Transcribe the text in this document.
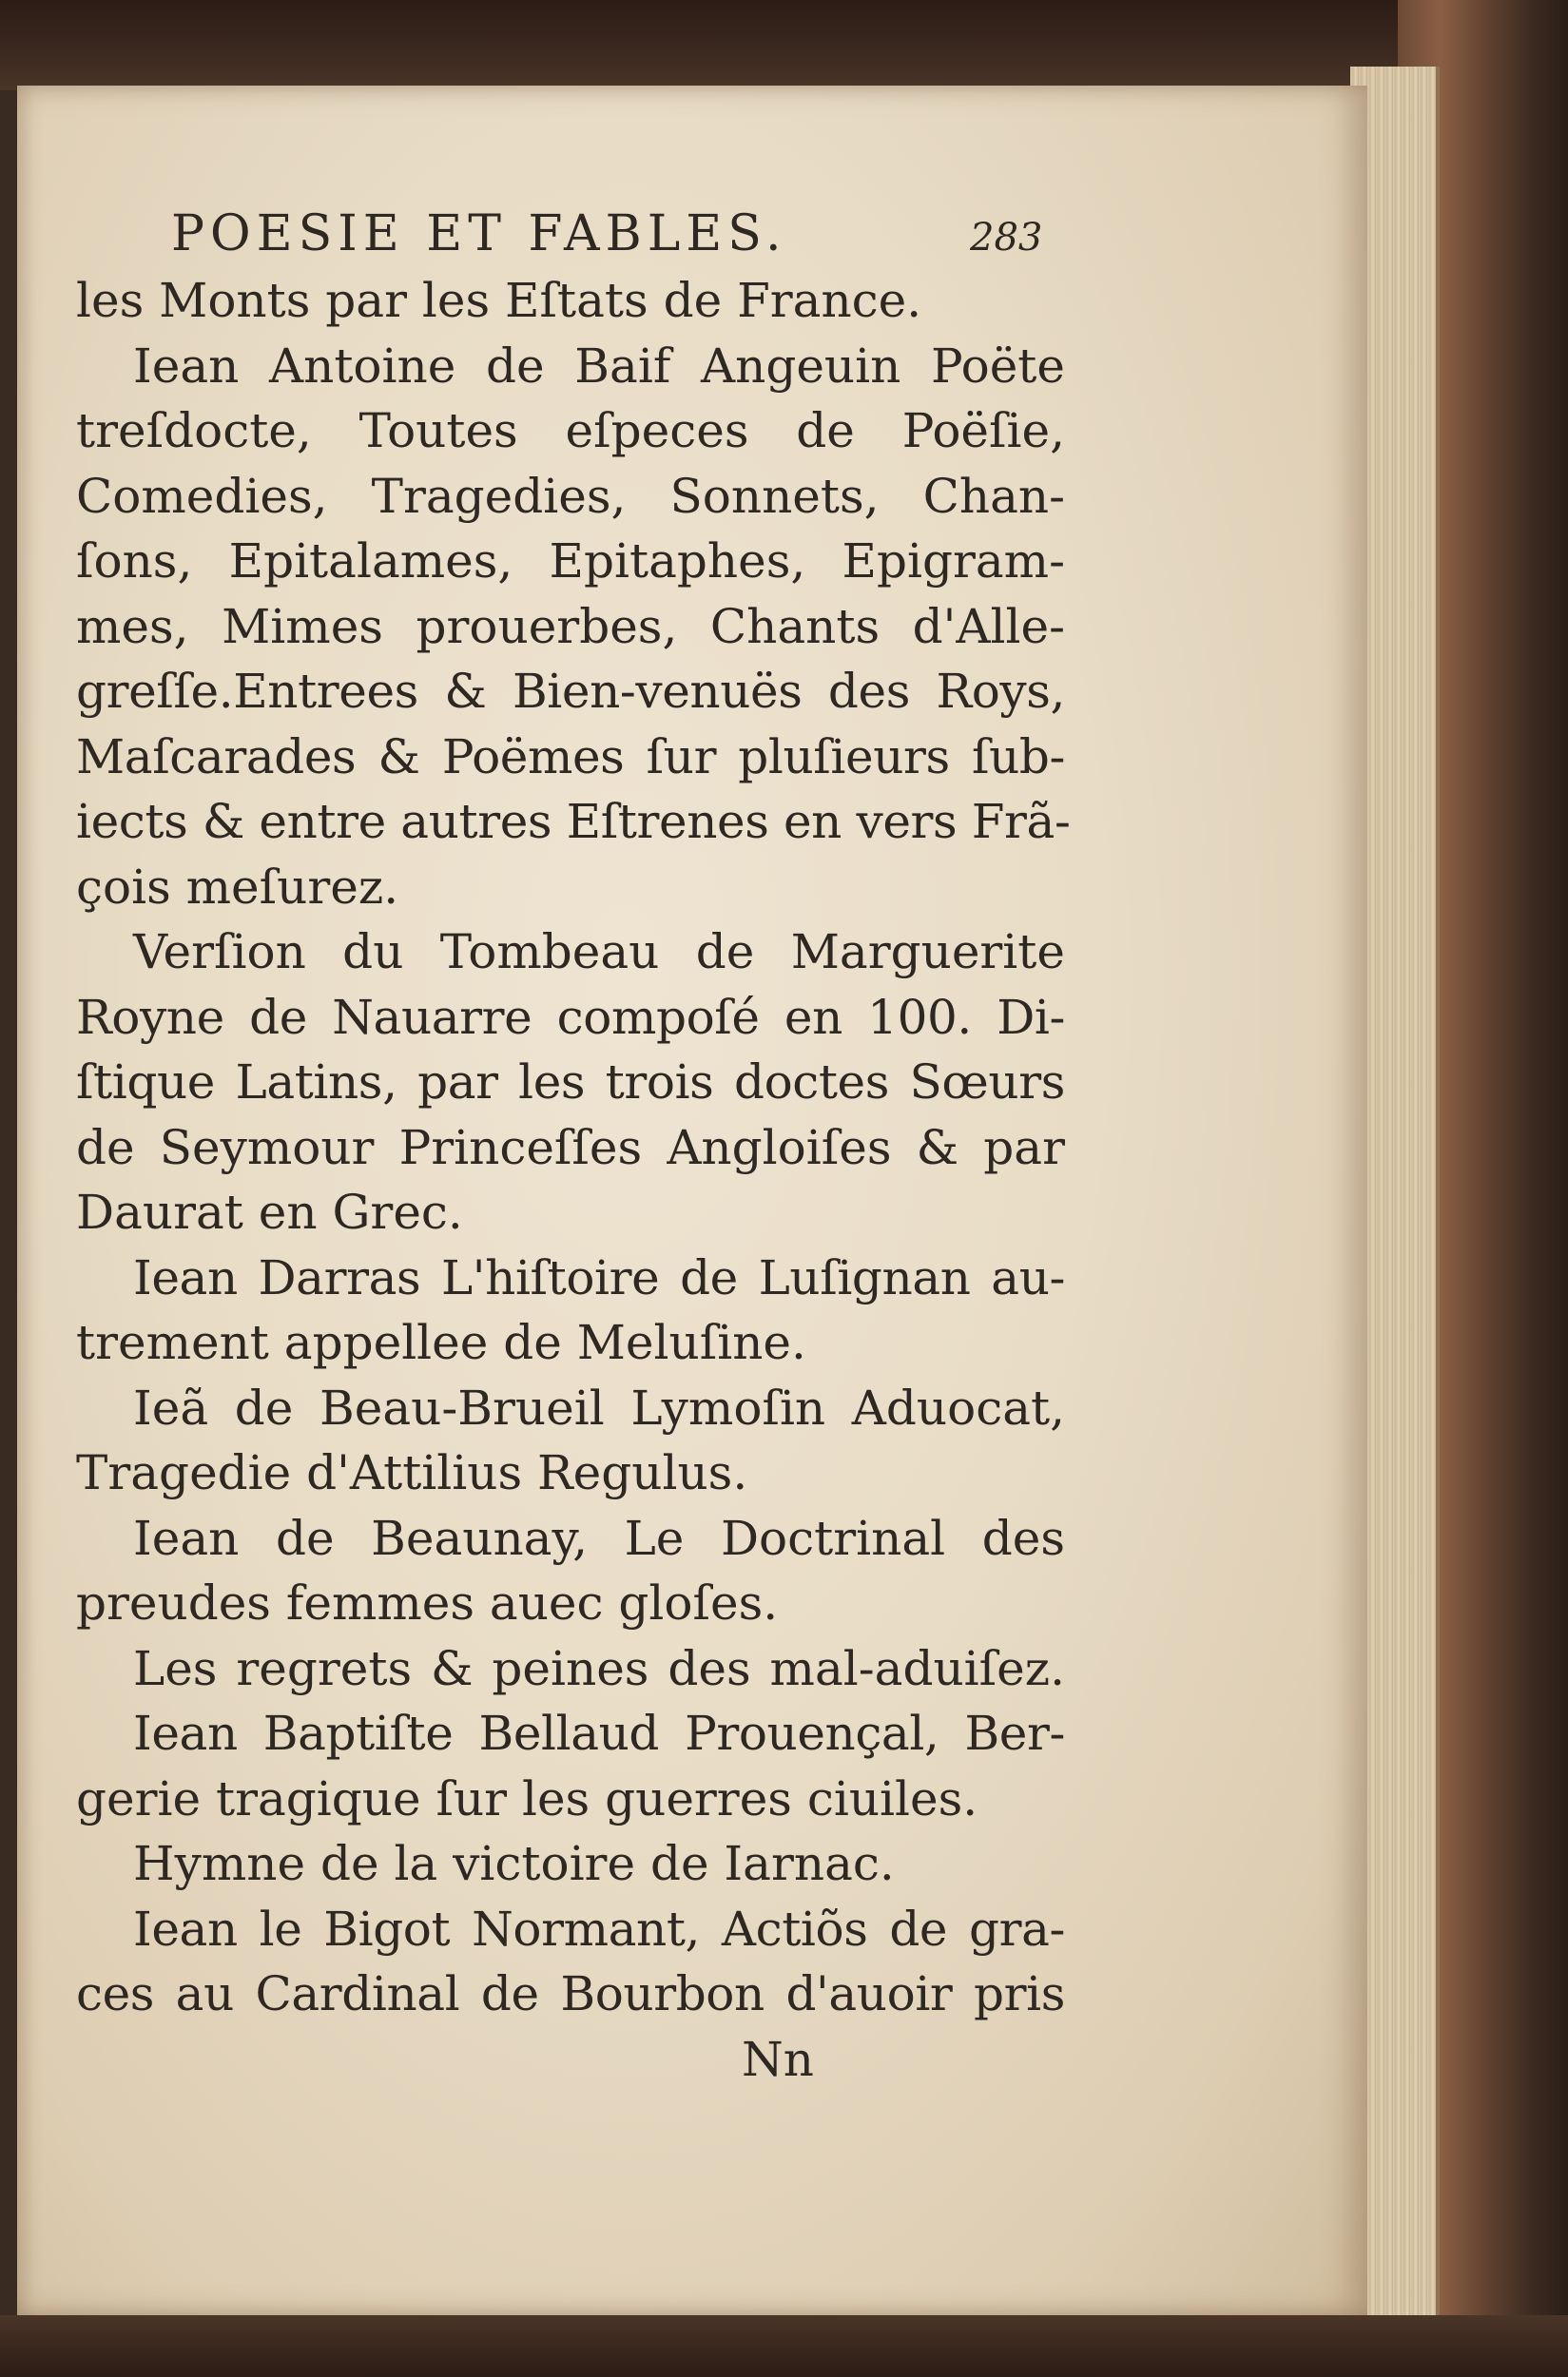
POESIE ET FABLES.	283
les Monts par les Eſtats de France.
Iean Antoine de Baif Angeuin Poëte
treſdocte, Toutes eſpeces de Poëſie,
Comedies, Tragedies, Sonnets, Chan-
ſons, Epitalames, Epitaphes, Epigram-
mes, Mimes prouerbes, Chants d'Alle-
greſſe.Entrees & Bien-venuës des Roys,
Maſcarades & Poëmes ſur pluſieurs ſub-
iects & entre autres Eſtrenes en vers Frã-
çois meſurez.
Verſion du Tombeau de Marguerite
Royne de Nauarre compoſé en 100. Di-
ſtique Latins, par les trois doctes Sœurs
de Seymour Princeſſes Angloiſes & par
Daurat en Grec.
Iean Darras L'hiſtoire de Luſignan au-
trement appellee de Meluſine.
Ieã de Beau-Brueil Lymoſin Aduocat,
Tragedie d'Attilius Regulus.
Iean de Beaunay, Le Doctrinal des
preudes femmes auec gloſes.
Les regrets & peines des mal-aduiſez.
Iean Baptiſte Bellaud Prouençal, Ber-
gerie tragique ſur les guerres ciuiles.
Hymne de la victoire de Iarnac.
Iean le Bigot Normant, Actiõs de gra-
ces au Cardinal de Bourbon d'auoir pris
Nn
